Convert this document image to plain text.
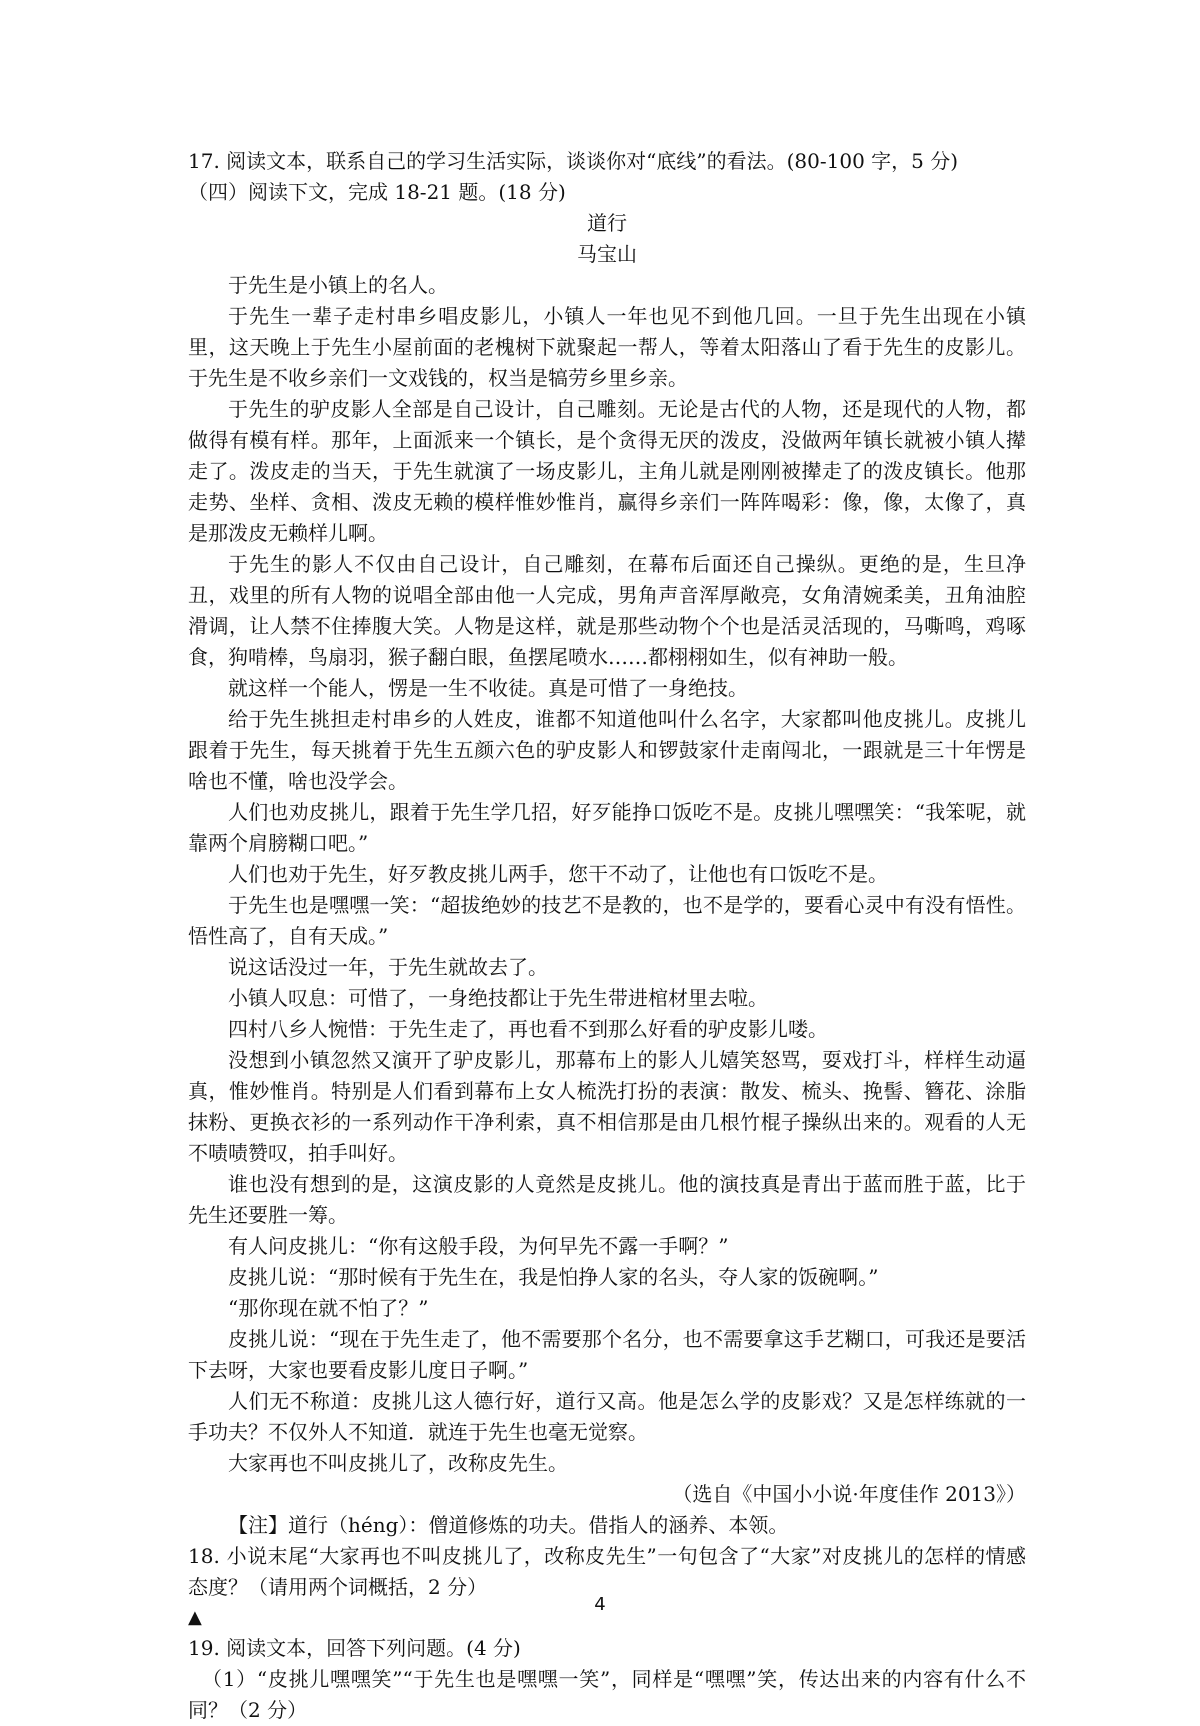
17. 阅读文本，联系自己的学习生活实际，谈谈你对“底线”的看法。(80-100 字，5 分)

（四）阅读下文，完成 18-21 题。(18 分)

道行

马宝山

于先生是小镇上的名人。

于先生一辈子走村串乡唱皮影儿，小镇人一年也见不到他几回。一旦于先生出现在小镇里，这天晚上于先生小屋前面的老槐树下就聚起一帮人，等着太阳落山了看于先生的皮影儿。于先生是不收乡亲们一文戏钱的，权当是犒劳乡里乡亲。

于先生的驴皮影人全部是自己设计，自己雕刻。无论是古代的人物，还是现代的人物，都做得有模有样。那年，上面派来一个镇长，是个贪得无厌的泼皮，没做两年镇长就被小镇人撵走了。泼皮走的当天，于先生就演了一场皮影儿，主角儿就是刚刚被撵走了的泼皮镇长。他那走势、坐样、贪相、泼皮无赖的模样惟妙惟肖，赢得乡亲们一阵阵喝彩：像，像，太像了，真是那泼皮无赖样儿啊。

于先生的影人不仅由自己设计，自己雕刻，在幕布后面还自己操纵。更绝的是，生旦净丑，戏里的所有人物的说唱全部由他一人完成，男角声音浑厚敞亮，女角清婉柔美，丑角油腔滑调，让人禁不住捧腹大笑。人物是这样，就是那些动物个个也是活灵活现的，马嘶鸣，鸡啄食，狗啃棒，鸟扇羽，猴子翻白眼，鱼摆尾喷水……都栩栩如生，似有神助一般。

就这样一个能人，愣是一生不收徒。真是可惜了一身绝技。

给于先生挑担走村串乡的人姓皮，谁都不知道他叫什么名字，大家都叫他皮挑儿。皮挑儿跟着于先生，每天挑着于先生五颜六色的驴皮影人和锣鼓家什走南闯北，一跟就是三十年愣是啥也不懂，啥也没学会。

人们也劝皮挑儿，跟着于先生学几招，好歹能挣口饭吃不是。皮挑儿嘿嘿笑：“我笨呢，就靠两个肩膀糊口吧。”

人们也劝于先生，好歹教皮挑儿两手，您干不动了，让他也有口饭吃不是。

于先生也是嘿嘿一笑：“超拔绝妙的技艺不是教的，也不是学的，要看心灵中有没有悟性。悟性高了，自有天成。”

说这话没过一年，于先生就故去了。

小镇人叹息：可惜了，一身绝技都让于先生带进棺材里去啦。

四村八乡人惋惜：于先生走了，再也看不到那么好看的驴皮影儿喽。

没想到小镇忽然又演开了驴皮影儿，那幕布上的影人儿嬉笑怒骂，耍戏打斗，样样生动逼真，惟妙惟肖。特别是人们看到幕布上女人梳洗打扮的表演：散发、梳头、挽髻、簪花、涂脂抹粉、更换衣衫的一系列动作干净利索，真不相信那是由几根竹棍子操纵出来的。观看的人无不啧啧赞叹，拍手叫好。

谁也没有想到的是，这演皮影的人竟然是皮挑儿。他的演技真是青出于蓝而胜于蓝，比于先生还要胜一筹。

有人问皮挑儿：“你有这般手段，为何早先不露一手啊？”

皮挑儿说：“那时候有于先生在，我是怕挣人家的名头，夺人家的饭碗啊。”

“那你现在就不怕了？”

皮挑儿说：“现在于先生走了，他不需要那个名分，也不需要拿这手艺糊口，可我还是要活下去呀，大家也要看皮影儿度日子啊。”

人们无不称道：皮挑儿这人德行好，道行又高。他是怎么学的皮影戏？又是怎样练就的一手功夫？不仅外人不知道．就连于先生也毫无觉察。

大家再也不叫皮挑儿了，改称皮先生。

（选自《中国小小说·年度佳作 2013》）

【注】道行（héng）：僧道修炼的功夫。借指人的涵养、本领。

18. 小说末尾“大家再也不叫皮挑儿了，改称皮先生”一句包含了“大家”对皮挑儿的怎样的情感态度？（请用两个词概括，2 分）

▲

19. 阅读文本，回答下列问题。(4 分)

（1）“皮挑儿嘿嘿笑”“于先生也是嘿嘿一笑”，同样是“嘿嘿”笑，传达出来的内容有什么不同？（2 分）

4
